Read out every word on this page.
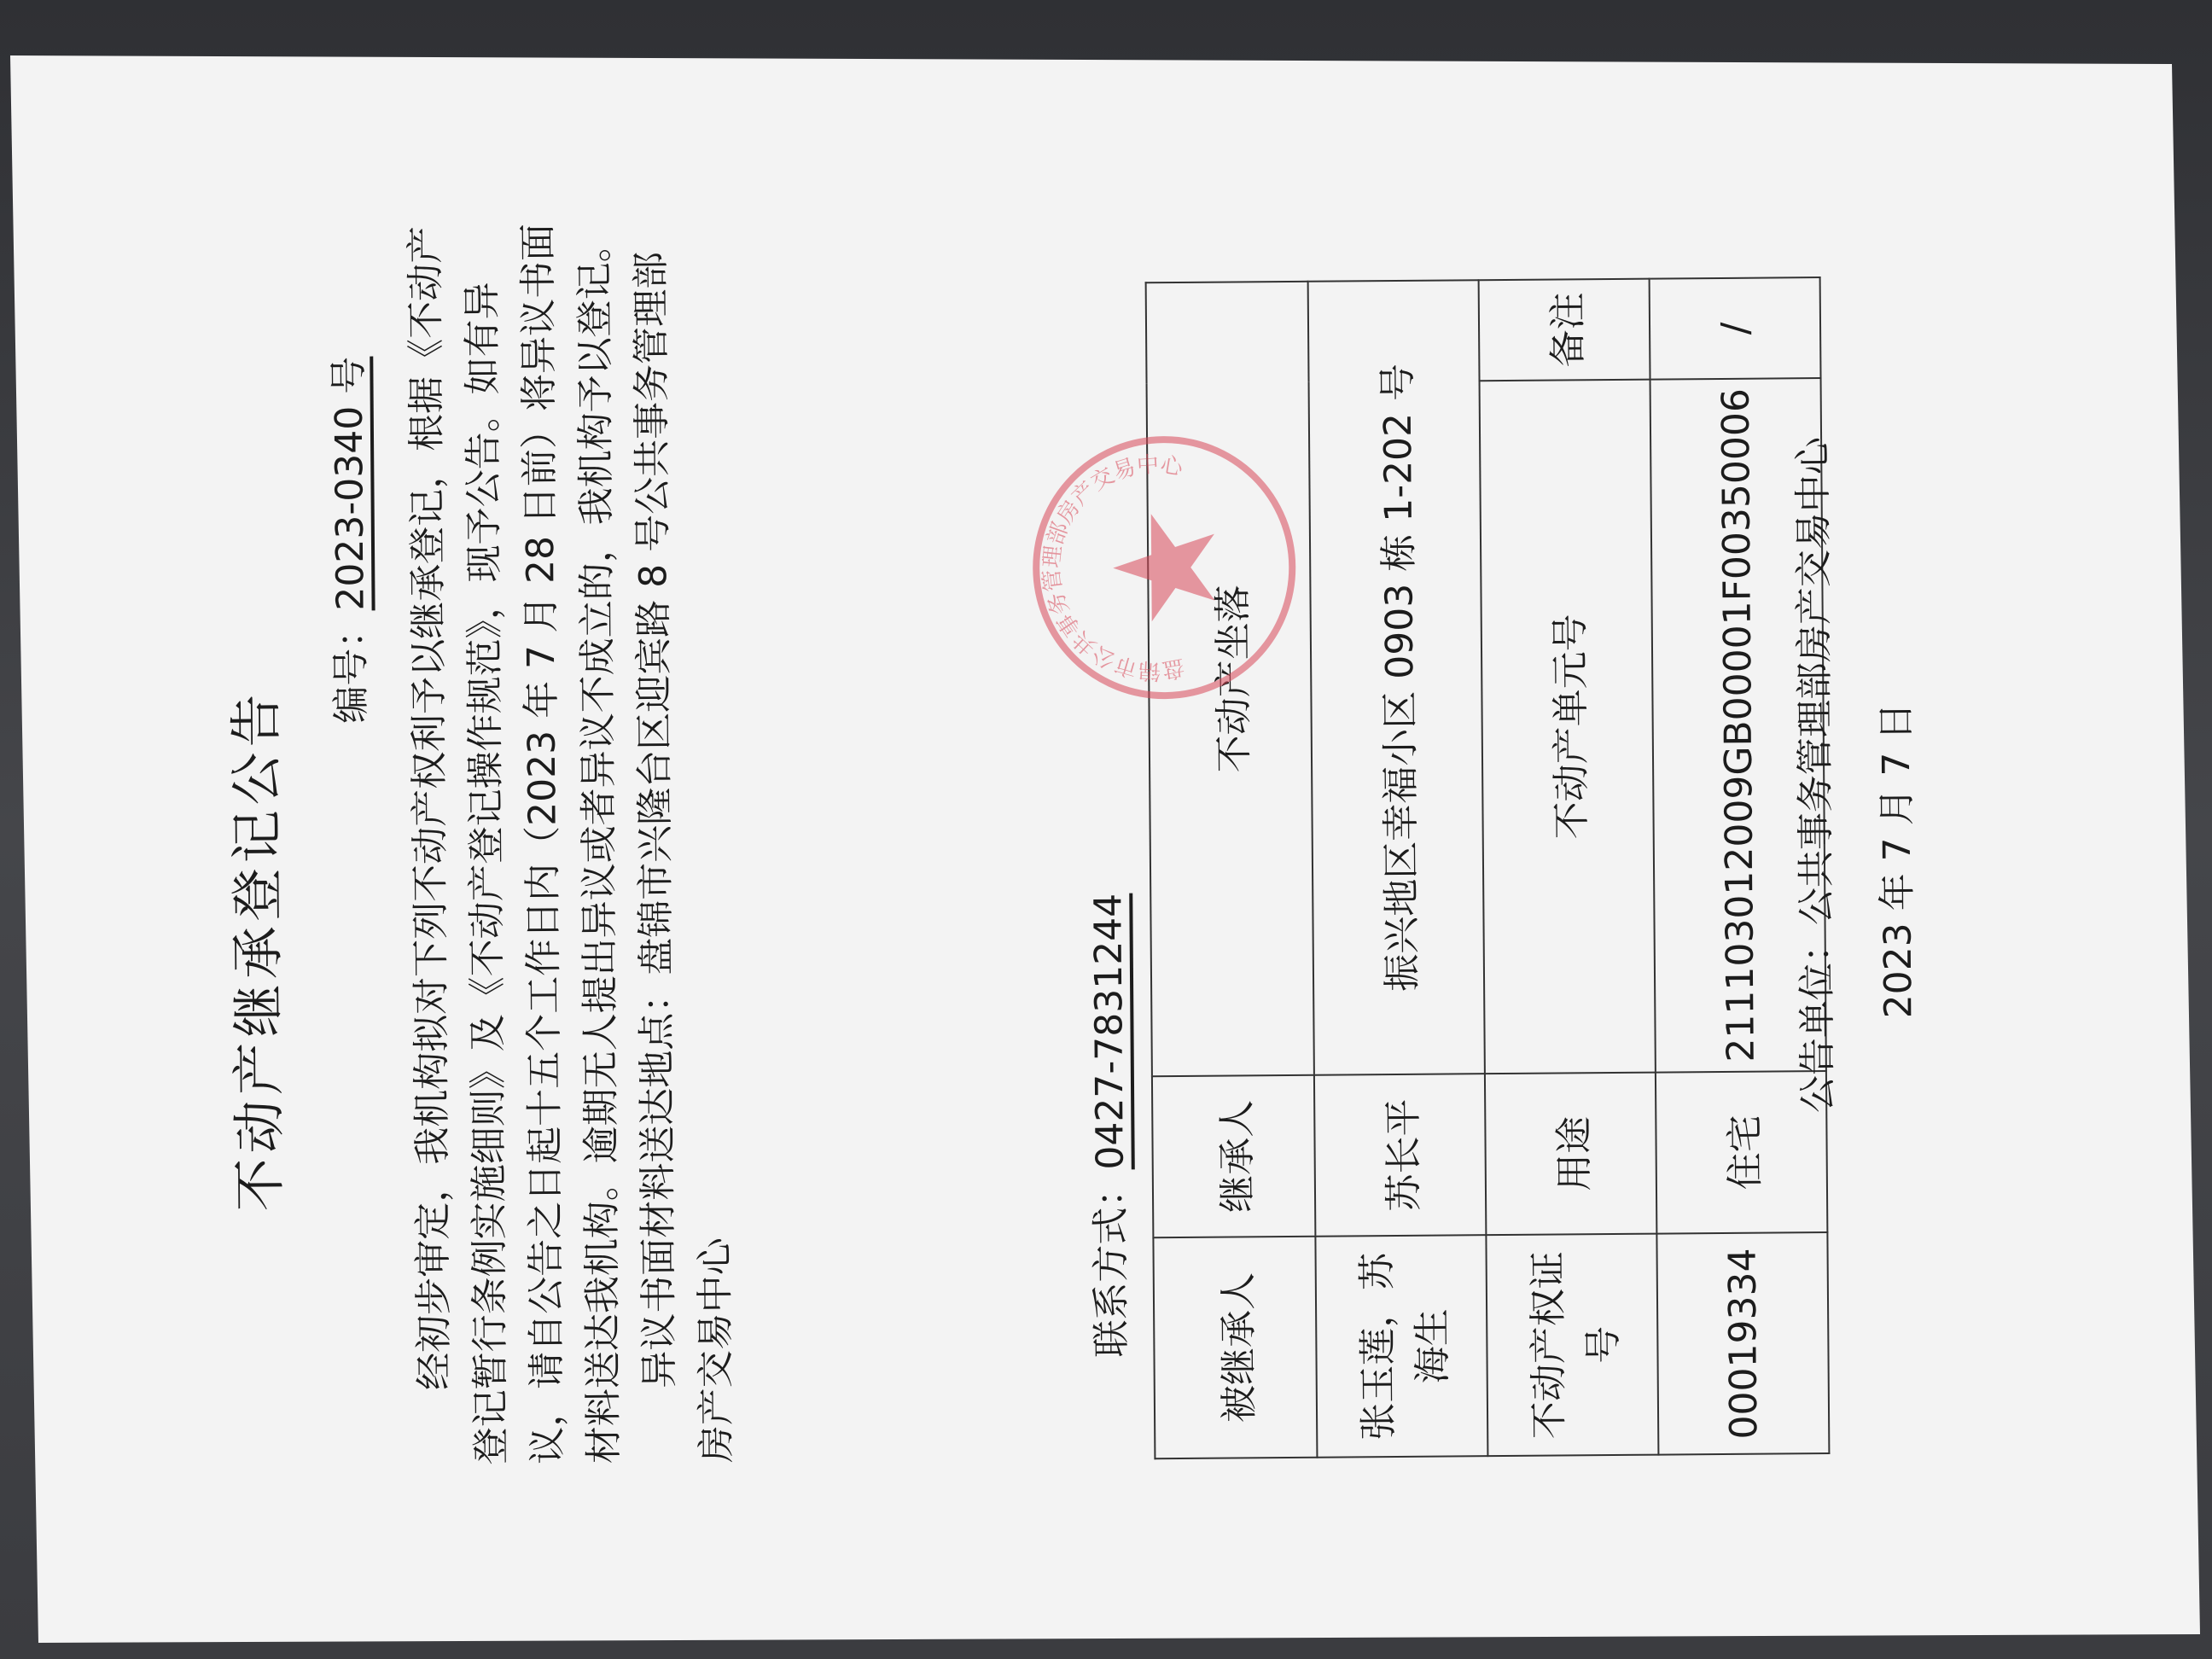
不动产继承登记公告
编号：2023-0340 号 经初步审定，我机构拟对下列不动产权利予以继承登记，根据《不动产登记暂行条例实施细则》及《不动产登记操作规范》，现予公告。如有异议，请自公告之日起十五个工作日内（2023 年 7 月 28 日前）将异议书面材料送达我机构。逾期无人提出异议或者异议不成立的，我机构予以登记。 异议书面材料送达地点：盘锦市兴隆台区迎宾路 8 号公共事务管理部房产交易中心	联系方式：0427-7831244
被继承人	继承人	不动产坐落	
张玉莲，苏海生	苏长平	振兴地区幸福小区 0903 栋 1-202 号	
不动产权证号	用途	不动产单元号	备注
00019334	住宅	211103012009GB00001F00350006	/
盘锦市公共事务管理部房产交易中心	公告单位：公共事务管理部房产交易中心 2023 年 7 月 7 日
